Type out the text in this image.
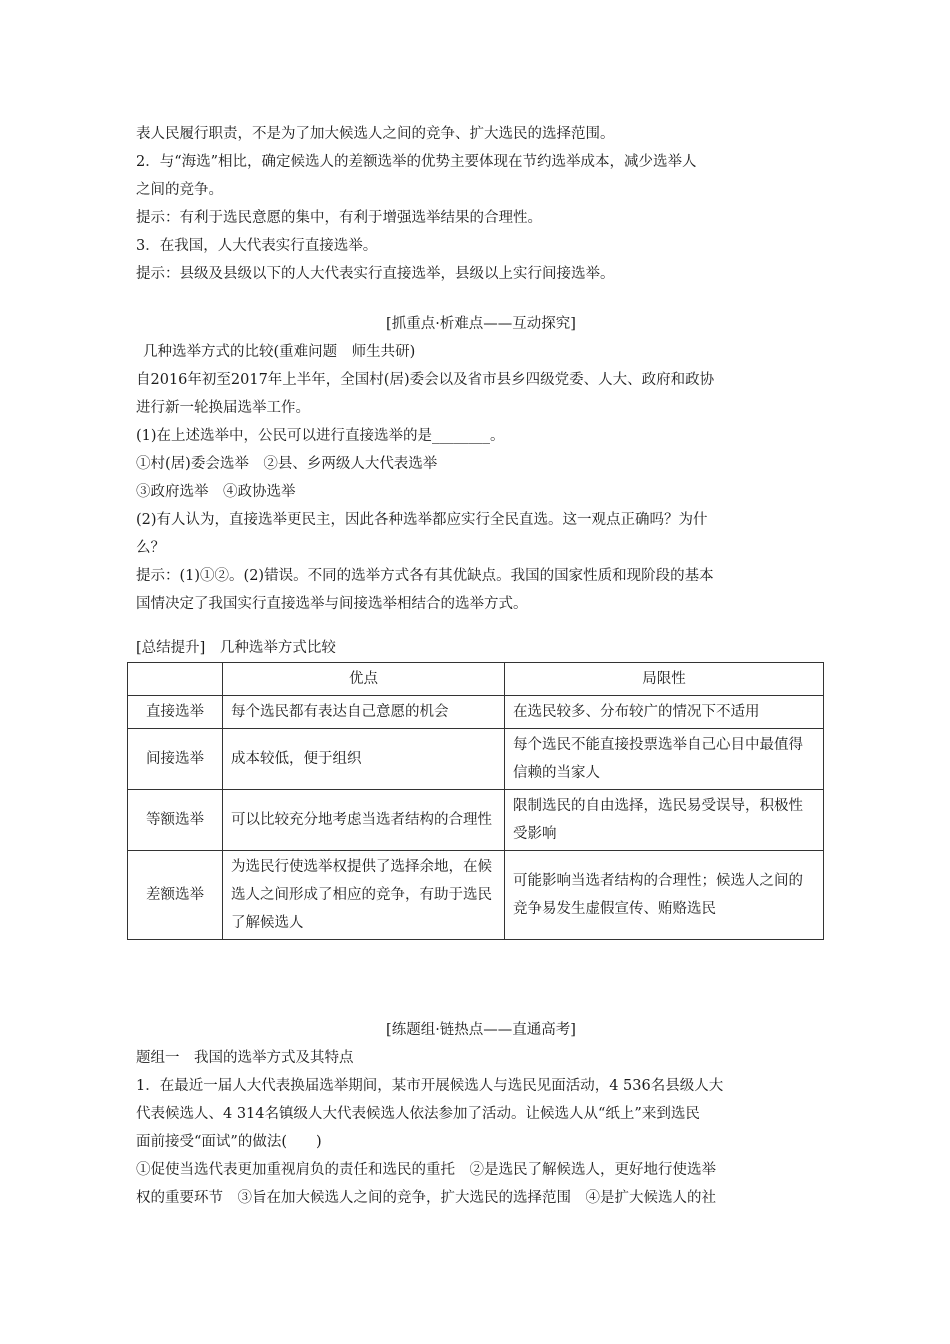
表人民履行职责，不是为了加大候选人之间的竞争、扩大选民的选择范围。
2．与“海选”相比，确定候选人的差额选举的优势主要体现在节约选举成本，减少选举人
之间的竞争。
提示：有利于选民意愿的集中，有利于增强选举结果的合理性。
3．在我国，人大代表实行直接选举。
提示：县级及县级以下的人大代表实行直接选举，县级以上实行间接选举。
[抓重点·析难点——互动探究]
几种选举方式的比较(重难问题　师生共研)
自2016年初至2017年上半年，全国村(居)委会以及省市县乡四级党委、人大、政府和政协
进行新一轮换届选举工作。
(1)在上述选举中，公民可以进行直接选举的是________。
①村(居)委会选举　②县、乡两级人大代表选举
③政府选举　④政协选举
(2)有人认为，直接选举更民主，因此各种选举都应实行全民直选。这一观点正确吗？为什
么？
提示：(1)①②。(2)错误。不同的选举方式各有其优缺点。我国的国家性质和现阶段的基本
国情决定了我国实行直接选举与间接选举相结合的选举方式。
[总结提升]　几种选举方式比较
	优点	局限性
直接选举	每个选民都有表达自己意愿的机会	在选民较多、分布较广的情况下不适用
间接选举	成本较低，便于组织	每个选民不能直接投票选举自己心目中最值得信赖的当家人
等额选举	可以比较充分地考虑当选者结构的合理性	限制选民的自由选择，选民易受误导，积极性受影响
差额选举	为选民行使选举权提供了选择余地，在候选人之间形成了相应的竞争，有助于选民了解候选人	可能影响当选者结构的合理性；候选人之间的竞争易发生虚假宣传、贿赂选民
[练题组·链热点——直通高考]
题组一　我国的选举方式及其特点
1．在最近一届人大代表换届选举期间，某市开展候选人与选民见面活动，4 536名县级人大
代表候选人、4 314名镇级人大代表候选人依法参加了活动。让候选人从“纸上”来到选民
面前接受“面试”的做法(　　)
①促使当选代表更加重视肩负的责任和选民的重托　②是选民了解候选人，更好地行使选举
权的重要环节　③旨在加大候选人之间的竞争，扩大选民的选择范围　④是扩大候选人的社
